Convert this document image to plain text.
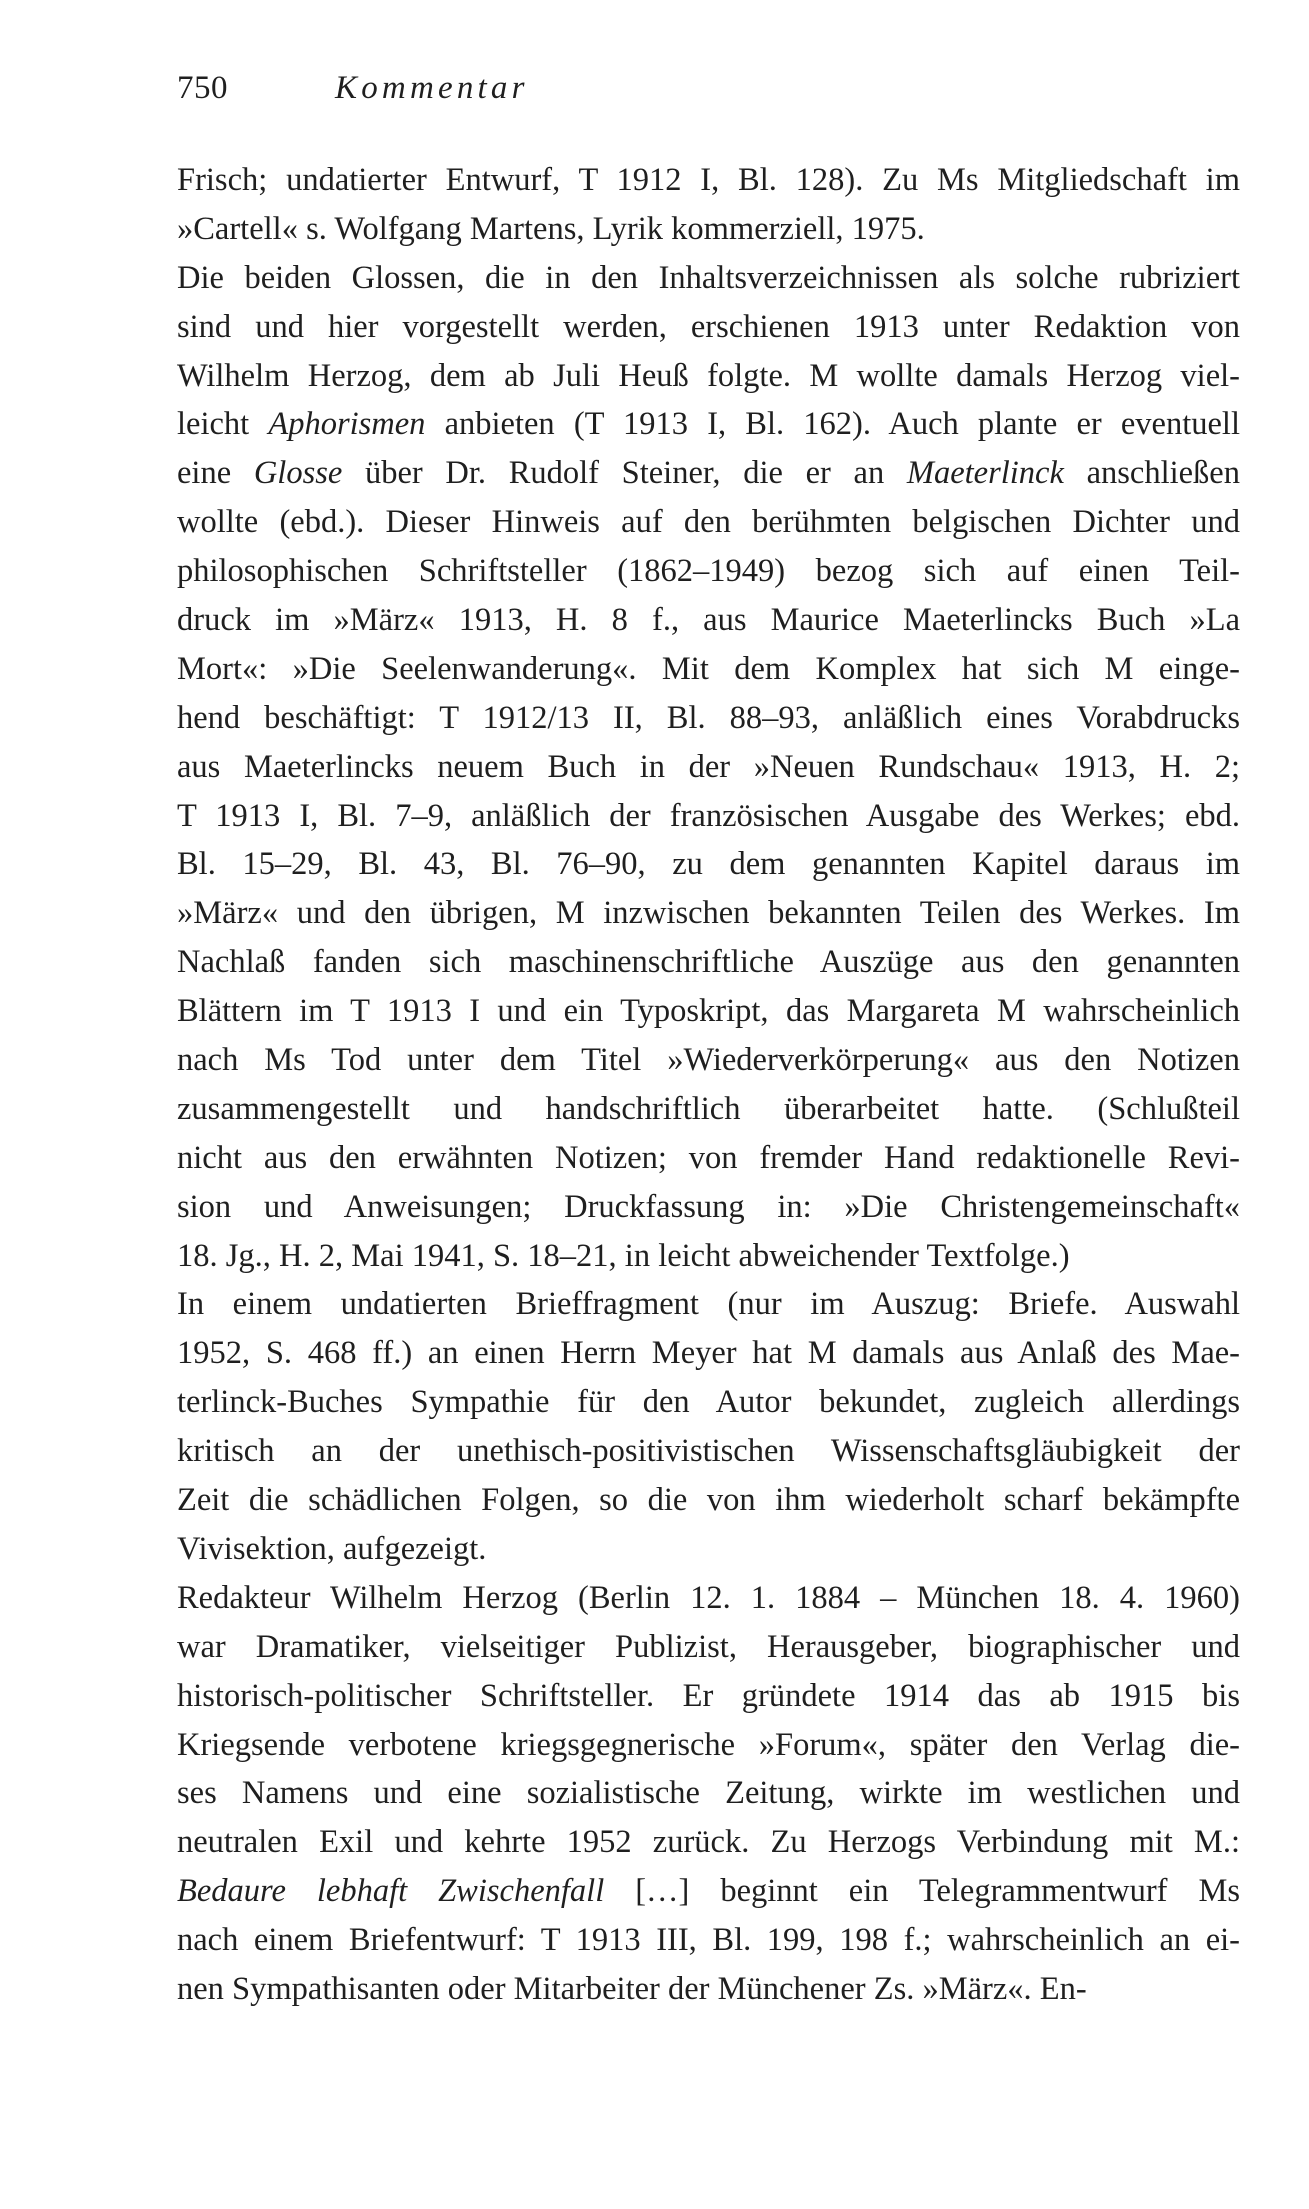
750	Kommentar
Frisch; undatierter Entwurf, T 1912 I, Bl. 128). Zu Ms Mitgliedschaft im
»Cartell« s. Wolfgang Martens, Lyrik kommerziell, 1975.
Die beiden Glossen, die in den Inhaltsverzeichnissen als solche rubriziert
sind und hier vorgestellt werden, erschienen 1913 unter Redaktion von
Wilhelm Herzog, dem ab Juli Heuß folgte. M wollte damals Herzog viel-
leicht Aphorismen anbieten (T 1913 I, Bl. 162). Auch plante er eventuell
eine Glosse über Dr. Rudolf Steiner, die er an Maeterlinck anschließen
wollte (ebd.). Dieser Hinweis auf den berühmten belgischen Dichter und
philosophischen Schriftsteller (1862–1949) bezog sich auf einen Teil-
druck im »März« 1913, H. 8 f., aus Maurice Maeterlincks Buch »La
Mort«: »Die Seelenwanderung«. Mit dem Komplex hat sich M einge-
hend beschäftigt: T 1912/13 II, Bl. 88–93, anläßlich eines Vorabdrucks
aus Maeterlincks neuem Buch in der »Neuen Rundschau« 1913, H. 2;
T 1913 I, Bl. 7–9, anläßlich der französischen Ausgabe des Werkes; ebd.
Bl. 15–29, Bl. 43, Bl. 76–90, zu dem genannten Kapitel daraus im
»März« und den übrigen, M inzwischen bekannten Teilen des Werkes. Im
Nachlaß fanden sich maschinenschriftliche Auszüge aus den genannten
Blättern im T 1913 I und ein Typoskript, das Margareta M wahrscheinlich
nach Ms Tod unter dem Titel »Wiederverkörperung« aus den Notizen
zusammengestellt und handschriftlich überarbeitet hatte. (Schlußteil
nicht aus den erwähnten Notizen; von fremder Hand redaktionelle Revi-
sion und Anweisungen; Druckfassung in: »Die Christengemeinschaft«
18. Jg., H. 2, Mai 1941, S. 18–21, in leicht abweichender Textfolge.)
In einem undatierten Brieffragment (nur im Auszug: Briefe. Auswahl
1952, S. 468 ff.) an einen Herrn Meyer hat M damals aus Anlaß des Mae-
terlinck-Buches Sympathie für den Autor bekundet, zugleich allerdings
kritisch an der unethisch-positivistischen Wissenschaftsgläubigkeit der
Zeit die schädlichen Folgen, so die von ihm wiederholt scharf bekämpfte
Vivisektion, aufgezeigt.
Redakteur Wilhelm Herzog (Berlin 12. 1. 1884 – München 18. 4. 1960)
war Dramatiker, vielseitiger Publizist, Herausgeber, biographischer und
historisch-politischer Schriftsteller. Er gründete 1914 das ab 1915 bis
Kriegsende verbotene kriegsgegnerische »Forum«, später den Verlag die-
ses Namens und eine sozialistische Zeitung, wirkte im westlichen und
neutralen Exil und kehrte 1952 zurück. Zu Herzogs Verbindung mit M.:
Bedaure lebhaft Zwischenfall […] beginnt ein Telegrammentwurf Ms
nach einem Briefentwurf: T 1913 III, Bl. 199, 198 f.; wahrscheinlich an ei-
nen Sympathisanten oder Mitarbeiter der Münchener Zs. »März«. En-
